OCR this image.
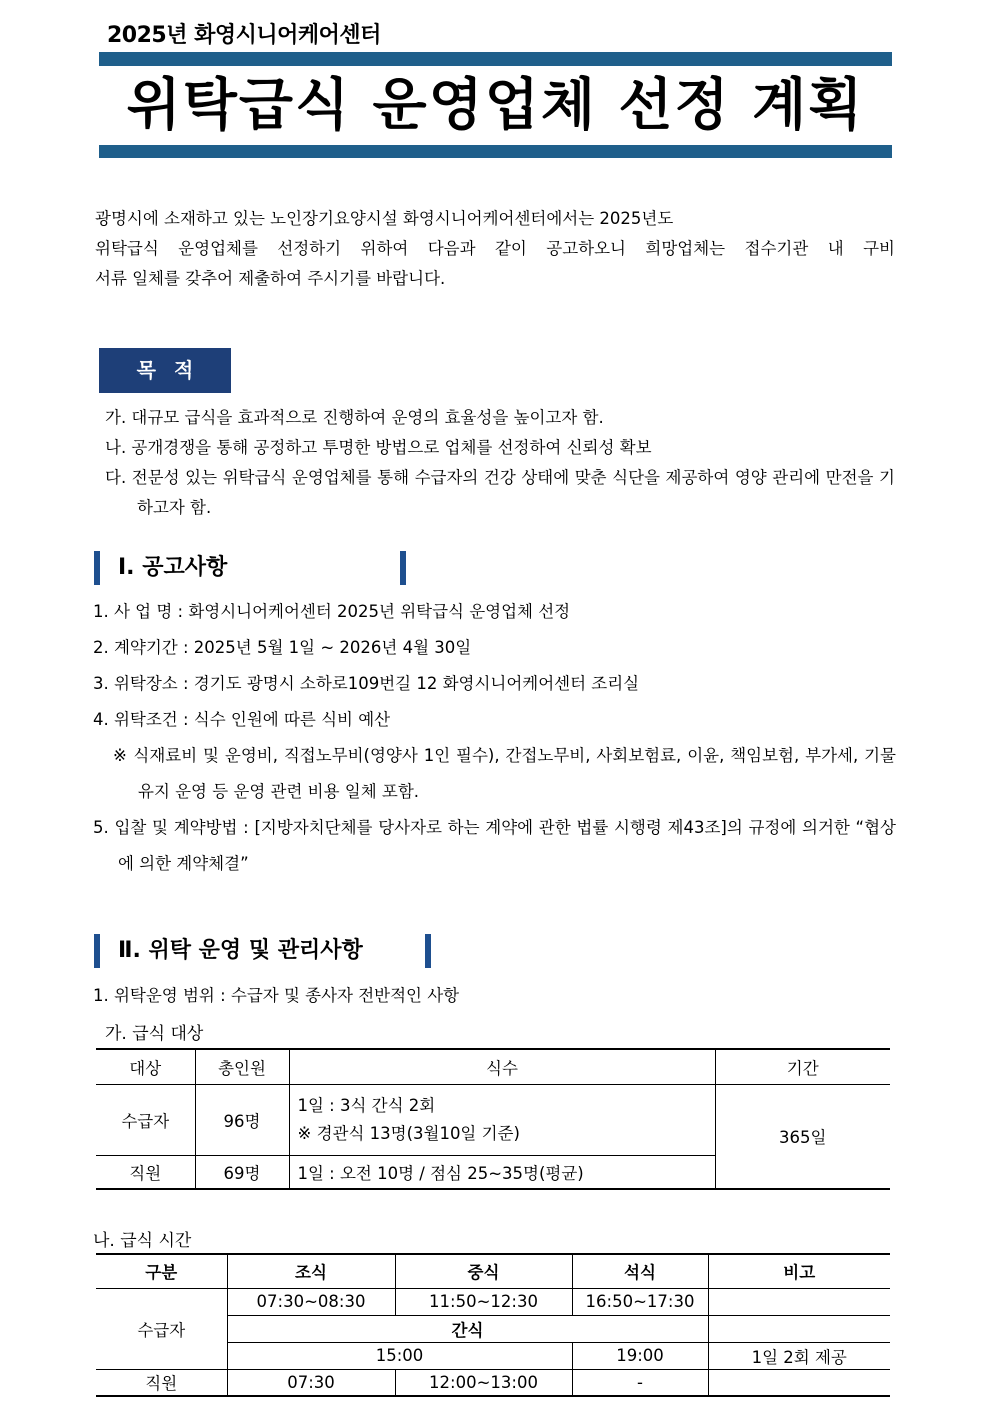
2025년 화영시니어케어센터
위탁급식 운영업체 선정 계획
광명시에 소재하고 있는 노인장기요양시설 화영시니어케어센터에서는 2025년도
위탁급식 운영업체를 선정하기 위하여 다음과 같이 공고하오니 희망업체는 접수기관 내 구비
서류 일체를 갖추어 제출하여 주시기를 바랍니다.
목적
가. 대규모 급식을 효과적으로 진행하여 운영의 효율성을 높이고자 함.
나. 공개경쟁을 통해 공정하고 투명한 방법으로 업체를 선정하여 신뢰성 확보
다. 전문성 있는 위탁급식 운영업체를 통해 수급자의 건강 상태에 맞춘 식단을 제공하여 영양 관리에 만전을 기하고자 함.
Ⅰ. 공고사항
1. 사 업 명 : 화영시니어케어센터 2025년 위탁급식 운영업체 선정
2. 계약기간 : 2025년 5월 1일 ~ 2026년 4월 30일
3. 위탁장소 : 경기도 광명시 소하로109번길 12 화영시니어케어센터 조리실
4. 위탁조건 : 식수 인원에 따른 식비 예산
※ 식재료비 및 운영비, 직접노무비(영양사 1인 필수), 간접노무비, 사회보험료, 이윤, 책임보험, 부가세, 기물 유지 운영 등 운영 관련 비용 일체 포함.
5. 입찰 및 계약방법 : [지방자치단체를 당사자로 하는 계약에 관한 법률 시행령 제43조]의 규정에 의거한 “협상에 의한 계약체결”
Ⅱ. 위탁 운영 및 관리사항
1. 위탁운영 범위 : 수급자 및 종사자 전반적인 사항
가. 급식 대상
대상	총인원	식수	기간
수급자	96명	1일 : 3식 간식 2회
※ 경관식 13명(3월10일 기준)	365일
직원	69명	1일 : 오전 10명 / 점심 25~35명(평균)	
나. 급식 시간
구분	조식	중식	석식	비고
수급자	07:30~08:30	11:50~12:30	16:50~17:30	
	간식			
	15:00		19:00	1일 2회 제공
직원	07:30	12:00~13:00	-	
